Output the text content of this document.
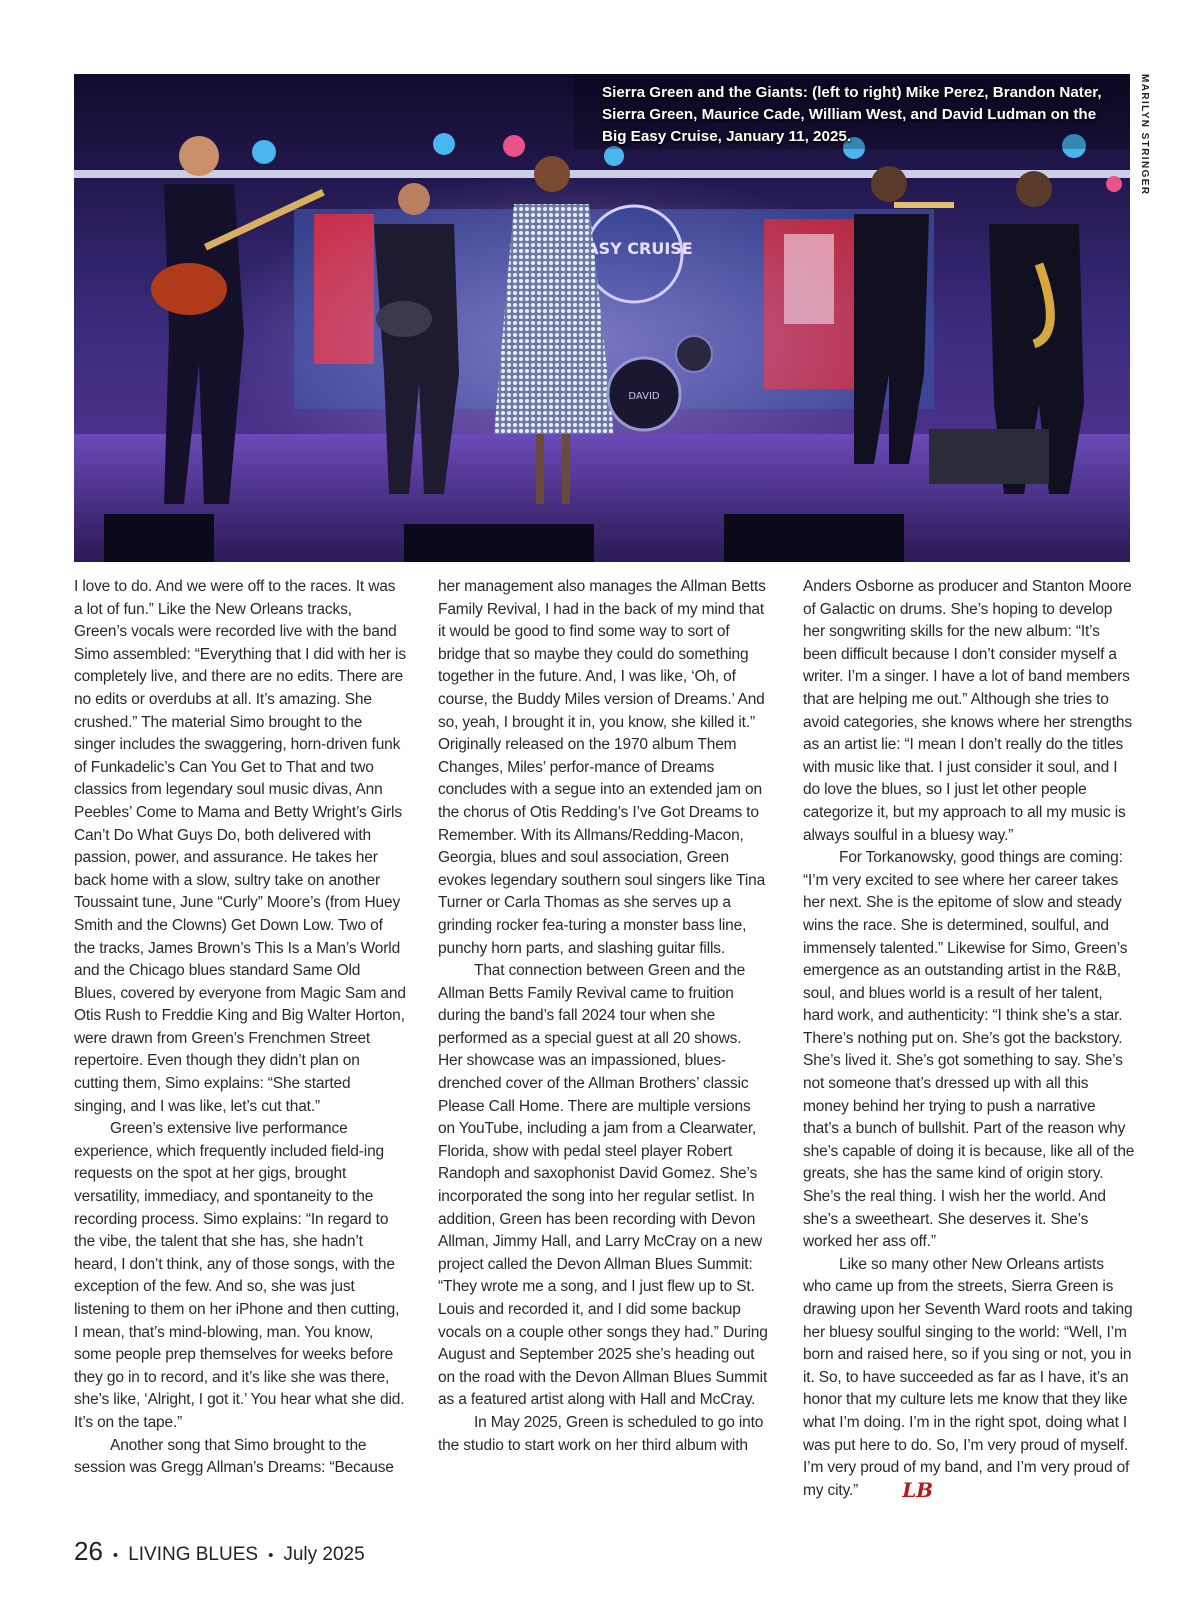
DAVID
Sierra Green and the Giants: (left to right) Mike Perez, Brandon Nater, Sierra Green, Maurice Cade, William West, and David Ludman on the Big Easy Cruise, January 11, 2025.	MARILYN STRINGER

I love to do. And we were off to the races. It was a lot of fun.” Like the New Orleans tracks, Green’s vocals were recorded live with the band Simo assembled: “Everything that I did with her is completely live, and there are no edits. There are no edits or overdubs at all. It’s amazing. She crushed.” The material Simo brought to the singer includes the swaggering, horn-driven funk of Funkadelic’s Can You Get to That and two classics from legendary soul music divas, Ann Peebles’ Come to Mama and Betty Wright’s Girls Can’t Do What Guys Do, both delivered with passion, power, and assurance. He takes her back home with a slow, sultry take on another Toussaint tune, June “Curly” Moore’s (from Huey Smith and the Clowns) Get Down Low. Two of the tracks, James Brown’s This Is a Man’s World and the Chicago blues standard Same Old Blues, covered by everyone from Magic Sam and Otis Rush to Freddie King and Big Walter Horton, were drawn from Green’s Frenchmen Street repertoire. Even though they didn’t plan on cutting them, Simo explains: “She started singing, and I was like, let’s cut that.”

Green’s extensive live performance experience, which frequently included field-ing requests on the spot at her gigs, brought versatility, immediacy, and spontaneity to the recording process. Simo explains: “In regard to the vibe, the talent that she has, she hadn’t heard, I don’t think, any of those songs, with the exception of the few. And so, she was just listening to them on her iPhone and then cutting, I mean, that’s mind-blowing, man. You know, some people prep themselves for weeks before they go in to record, and it’s like she was there, she’s like, ‘Alright, I got it.’ You hear what she did. It’s on the tape.”

Another song that Simo brought to the session was Gregg Allman’s Dreams: “Because

her management also manages the Allman Betts Family Revival, I had in the back of my mind that it would be good to find some way to sort of bridge that so maybe they could do something together in the future. And, I was like, ‘Oh, of course, the Buddy Miles version of Dreams.’ And so, yeah, I brought it in, you know, she killed it.” Originally released on the 1970 album Them Changes, Miles’ perfor-mance of Dreams concludes with a segue into an extended jam on the chorus of Otis Redding’s I’ve Got Dreams to Remember. With its Allmans/Redding-Macon, Georgia, blues and soul association, Green evokes legendary southern soul singers like Tina Turner or Carla Thomas as she serves up a grinding rocker fea-turing a monster bass line, punchy horn parts, and slashing guitar fills.

That connection between Green and the Allman Betts Family Revival came to fruition during the band’s fall 2024 tour when she performed as a special guest at all 20 shows. Her showcase was an impassioned, blues-drenched cover of the Allman Brothers’ classic Please Call Home. There are multiple versions on YouTube, including a jam from a Clearwater, Florida, show with pedal steel player Robert Randoph and saxophonist David Gomez. She’s incorporated the song into her regular setlist. In addition, Green has been recording with Devon Allman, Jimmy Hall, and Larry McCray on a new project called the Devon Allman Blues Summit: “They wrote me a song, and I just flew up to St. Louis and recorded it, and I did some backup vocals on a couple other songs they had.” During August and September 2025 she’s heading out on the road with the Devon Allman Blues Summit as a featured artist along with Hall and McCray.

In May 2025, Green is scheduled to go into the studio to start work on her third album with

Anders Osborne as producer and Stanton Moore of Galactic on drums. She’s hoping to develop her songwriting skills for the new album: “It’s been difficult because I don’t consider myself a writer. I’m a singer. I have a lot of band members that are helping me out.” Although she tries to avoid categories, she knows where her strengths as an artist lie: “I mean I don’t really do the titles with music like that. I just consider it soul, and I do love the blues, so I just let other people categorize it, but my approach to all my music is always soulful in a bluesy way.”

For Torkanowsky, good things are coming: “I’m very excited to see where her career takes her next. She is the epitome of slow and steady wins the race. She is determined, soulful, and immensely talented.” Likewise for Simo, Green’s emergence as an outstanding artist in the R&B, soul, and blues world is a result of her talent, hard work, and authenticity: “I think she’s a star. There’s nothing put on. She’s got the backstory. She’s lived it. She’s got something to say. She’s not someone that’s dressed up with all this money behind her trying to push a narrative that’s a bunch of bullshit. Part of the reason why she’s capable of doing it is because, like all of the greats, she has the same kind of origin story. She’s the real thing. I wish her the world. And she’s a sweetheart. She deserves it. She’s worked her ass off.”

Like so many other New Orleans artists who came up from the streets, Sierra Green is drawing upon her Seventh Ward roots and taking her bluesy soulful singing to the world: “Well, I’m born and raised here, so if you sing or not, you in it. So, to have succeeded as far as I have, it’s an honor that my culture lets me know that they like what I’m doing. I’m in the right spot, doing what I was put here to do. So, I’m very proud of myself. I’m very proud of my band, and I’m very proud of my city.” LB

26 • LIVING BLUES • July 2025
